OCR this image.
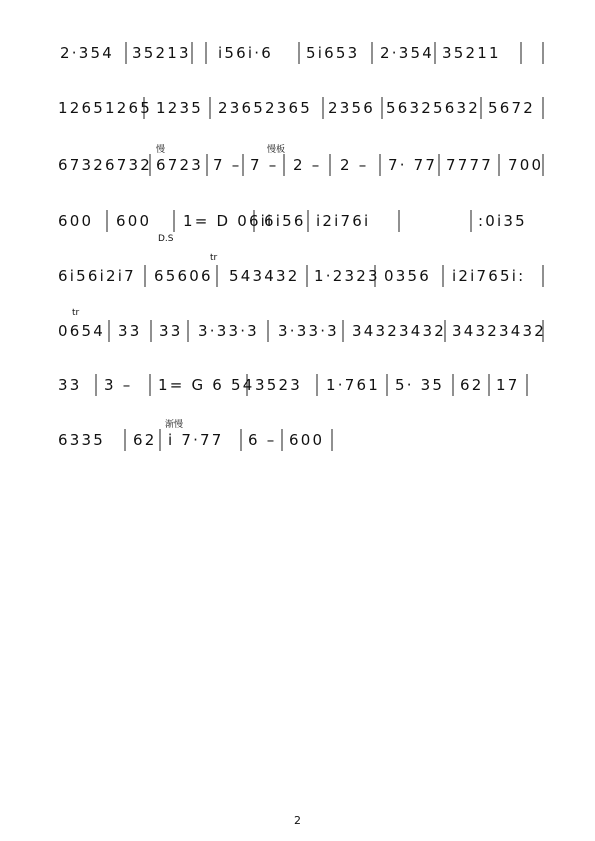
2·354 35213 i56i·6 5i653 2·354 35211
12651265 1235 23652365 2356 56325632 5672
67326732 6723 7 – 7 – 2 – 2 – 7· 77 7777 700
慢	慢板
600 600 1= D 06ii
6i56 i2i76i	:0i35
D.S
6i56i2i7 65606 543432 1·2323 0356 i2i765i:
tr
0654 33 33 3·33·3 3·33·3 34323432 34323432
tr
33 3 – 1= G 6 54 3523 1·761 5· 35 62 17
6335 62 i 7·77 6 – 600
渐慢
2
